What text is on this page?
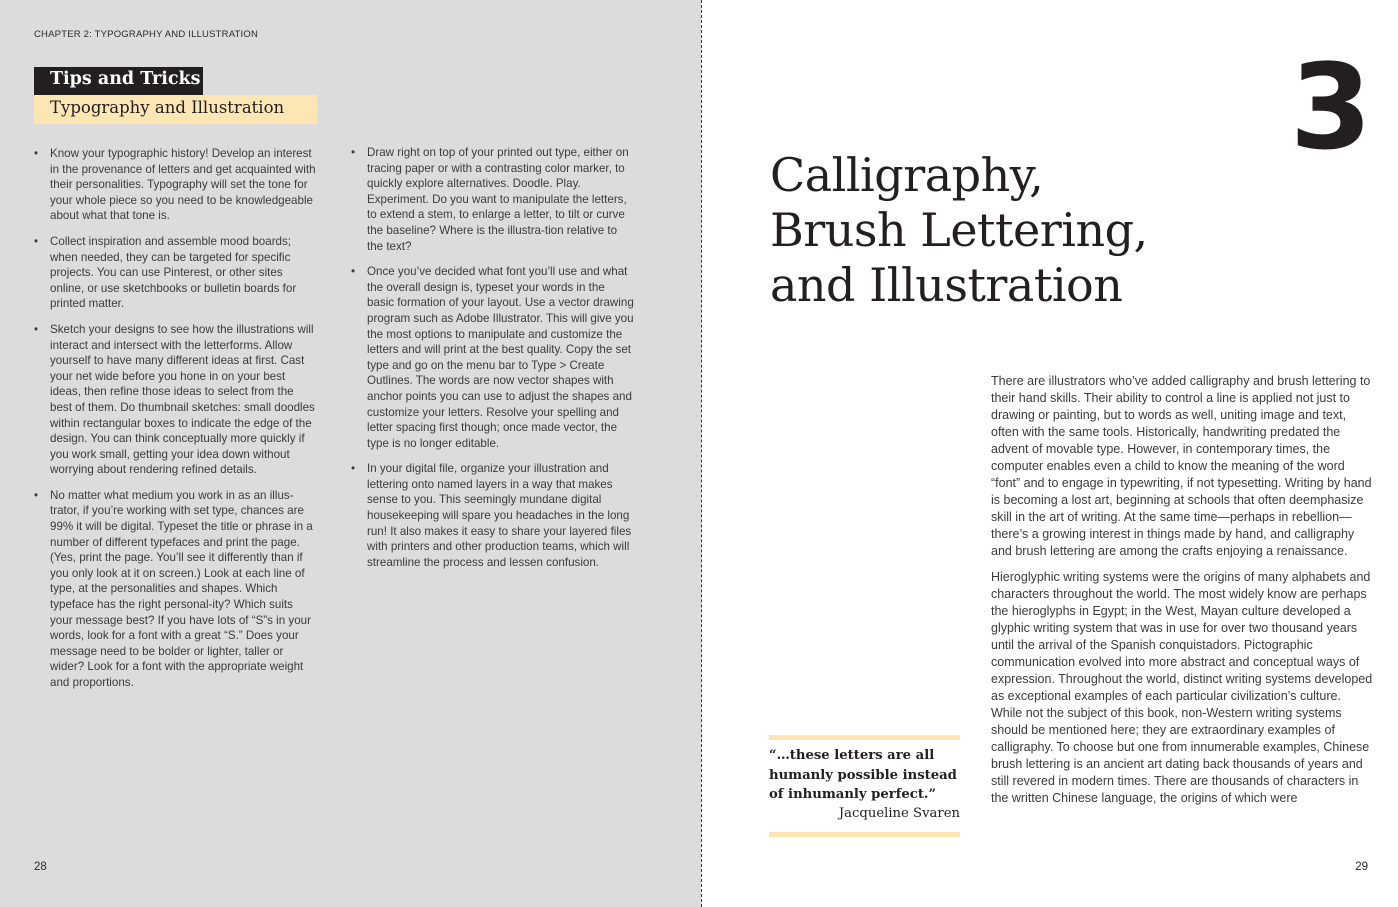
CHAPTER 2: TYPOGRAPHY AND ILLUSTRATION
Tips and Tricks
Typography and Illustration
• Know your typographic history! Develop an interest in the provenance of letters and get acquainted with their personalities. Typography will set the tone for your whole piece so you need to be knowledgeable about what that tone is.
• Collect inspiration and assemble mood boards; when needed, they can be targeted for specific projects. You can use Pinterest, or other sites online, or use sketchbooks or bulletin boards for printed matter.
• Sketch your designs to see how the illustrations will interact and intersect with the letterforms. Allow yourself to have many different ideas at first. Cast your net wide before you hone in on your best ideas, then refine those ideas to select from the best of them. Do thumbnail sketches: small doodles within rectangular boxes to indicate the edge of the design. You can think conceptually more quickly if you work small, getting your idea down without worrying about rendering refined details.
• No matter what medium you work in as an illus-trator, if you’re working with set type, chances are 99% it will be digital. Typeset the title or phrase in a number of different typefaces and print the page. (Yes, print the page. You’ll see it differently than if you only look at it on screen.) Look at each line of type, at the personalities and shapes. Which typeface has the right personal-ity? Which suits your message best? If you have lots of “S”s in your words, look for a font with a great “S.” Does your message need to be bolder or lighter, taller or wider? Look for a font with the appropriate weight and proportions.
• Draw right on top of your printed out type, either on tracing paper or with a contrasting color marker, to quickly explore alternatives. Doodle. Play. Experiment. Do you want to manipulate the letters, to extend a stem, to enlarge a letter, to tilt or curve the baseline? Where is the illustra-tion relative to the text?
• Once you’ve decided what font you’ll use and what the overall design is, typeset your words in the basic formation of your layout. Use a vector drawing program such as Adobe Illustrator. This will give you the most options to manipulate and customize the letters and will print at the best quality. Copy the set type and go on the menu bar to Type > Create Outlines. The words are now vector shapes with anchor points you can use to adjust the shapes and customize your letters. Resolve your spelling and letter spacing first though; once made vector, the type is no longer editable.
• In your digital file, organize your illustration and lettering onto named layers in a way that makes sense to you. This seemingly mundane digital housekeeping will spare you headaches in the long run! It also makes it easy to share your layered files with printers and other production teams, which will streamline the process and lessen confusion.
28
3
Calligraphy,
Brush Lettering,
and Illustration

There are illustrators who’ve added calligraphy and brush lettering to their hand skills. Their ability to control a line is applied not just to drawing or painting, but to words as well, uniting image and text, often with the same tools. Historically, handwriting predated the advent of movable type. However, in contemporary times, the computer enables even a child to know the meaning of the word “font” and to engage in typewriting, if not typesetting. Writing by hand is becoming a lost art, beginning at schools that often deemphasize skill in the art of writing. At the same time—perhaps in rebellion—there’s a growing interest in things made by hand, and calligraphy and brush lettering are among the crafts enjoying a renaissance.

Hieroglyphic writing systems were the origins of many alphabets and characters throughout the world. The most widely know are perhaps the hieroglyphs in Egypt; in the West, Mayan culture developed a glyphic writing system that was in use for over two thousand years until the arrival of the Spanish conquistadors. Pictographic communication evolved into more abstract and conceptual ways of expression. Throughout the world, distinct writing systems developed as exceptional examples of each particular civilization’s culture. While not the subject of this book, non-Western writing systems should be mentioned here; they are extraordinary examples of calligraphy. To choose but one from innumerable examples, Chinese brush lettering is an ancient art dating back thousands of years and still revered in modern times. There are thousands of characters in the written Chinese language, the origins of which were

“…these letters are all humanly possible instead of inhumanly perfect.”
Jacqueline Svaren
29
